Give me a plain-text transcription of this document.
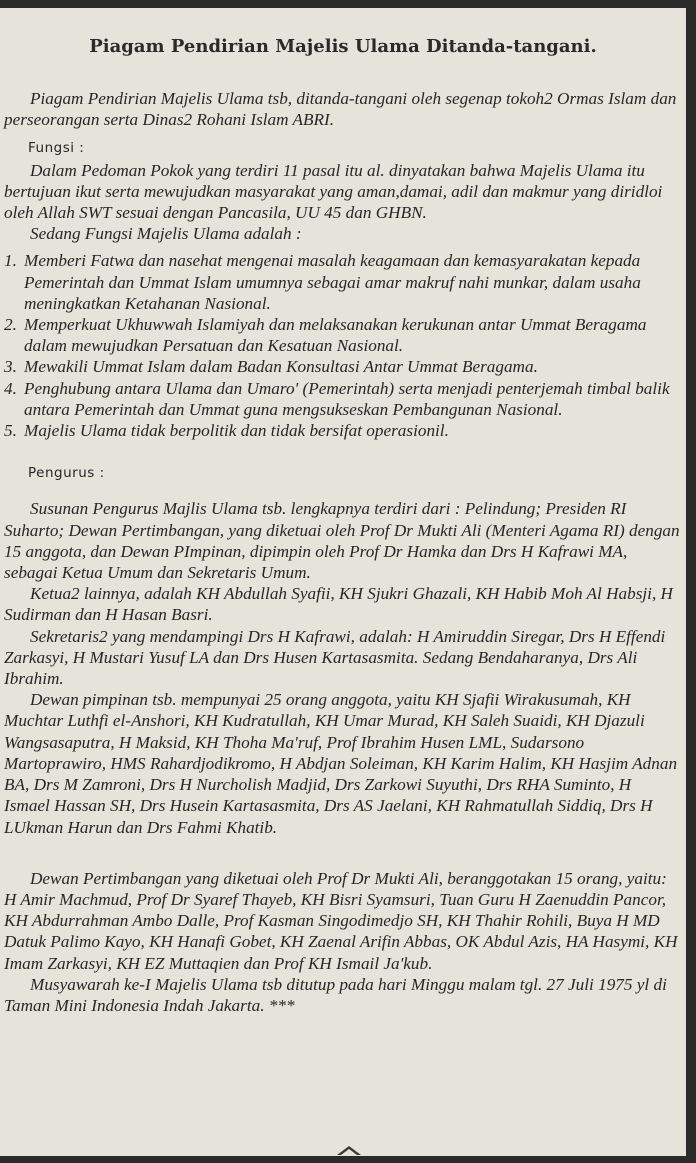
Piagam Pendirian Majelis Ulama Ditanda-tangani.

Piagam Pendirian Majelis Ulama tsb, ditanda-tangani oleh segenap tokoh2 Ormas Islam dan perseorangan serta Dinas2 Rohani Islam ABRI.

Fungsi :

Dalam Pedoman Pokok yang terdiri 11 pasal itu al. dinyatakan bahwa Majelis Ulama itu bertujuan ikut serta mewujudkan masyarakat yang aman,damai, adil dan makmur yang diridloi oleh Allah SWT sesuai dengan Pancasila, UU 45 dan GHBN.

Sedang Fungsi Majelis Ulama adalah :

1. Memberi Fatwa dan nasehat mengenai masalah keagamaan dan kemasyarakatan kepada Pemerintah dan Ummat Islam umumnya sebagai amar makruf nahi munkar, dalam usaha meningkatkan Ketahanan Nasional.
2. Memperkuat Ukhuwwah Islamiyah dan melaksanakan kerukunan antar Ummat Beragama dalam mewujudkan Persatuan dan Kesatuan Nasional.
3. Mewakili Ummat Islam dalam Badan Konsultasi Antar Ummat Beragama.
4. Penghubung antara Ulama dan Umaro' (Pemerintah) serta menjadi penterjemah timbal balik antara Pemerintah dan Ummat guna mengsukseskan Pembangunan Nasional.
5. Majelis Ulama tidak berpolitik dan tidak bersifat operasionil.
Pengurus :

Susunan Pengurus Majlis Ulama tsb. lengkapnya terdiri dari : Pelindung; Presiden RI Suharto; Dewan Pertimbangan, yang diketuai oleh Prof Dr Mukti Ali (Menteri Agama RI) dengan 15 anggota, dan Dewan PImpinan, dipimpin oleh Prof Dr Hamka dan Drs H Kafrawi MA, sebagai Ketua Umum dan Sekretaris Umum.

Ketua2 lainnya, adalah KH Abdullah Syafii, KH Sjukri Ghazali, KH Habib Moh Al Habsji, H Sudirman dan H Hasan Basri.

Sekretaris2 yang mendampingi Drs H Kafrawi, adalah: H Amiruddin Siregar, Drs H Effendi Zarkasyi, H Mustari Yusuf LA dan Drs Husen Kartasasmita. Sedang Bendaharanya, Drs Ali Ibrahim.

Dewan pimpinan tsb. mempunyai 25 orang anggota, yaitu KH Sjafii Wirakusumah, KH Muchtar Luthfi el-Anshori, KH Kudratullah, KH Umar Murad, KH Saleh Suaidi, KH Djazuli Wangsasaputra, H Maksid, KH Thoha Ma'ruf, Prof Ibrahim Husen LML, Sudarsono Martoprawiro, HMS Rahardjodikromo, H Abdjan Soleiman, KH Karim Halim, KH Hasjim Adnan BA, Drs M Zamroni, Drs H Nurcholish Madjid, Drs Zarkowi Suyuthi, Drs RHA Suminto, H Ismael Hassan SH, Drs Husein Kartasasmita, Drs AS Jaelani, KH Rahmatullah Siddiq, Drs H LUkman Harun dan Drs Fahmi Khatib.

Dewan Pertimbangan yang diketuai oleh Prof Dr Mukti Ali, beranggotakan 15 orang, yaitu: H Amir Machmud, Prof Dr Syaref Thayeb, KH Bisri Syamsuri, Tuan Guru H Zaenuddin Pancor, KH Abdurrahman Ambo Dalle, Prof Kasman Singodimedjo SH, KH Thahir Rohili, Buya H MD Datuk Palimo Kayo, KH Hanafi Gobet, KH Zaenal Arifin Abbas, OK Abdul Azis, HA Hasymi, KH Imam Zarkasyi, KH EZ Muttaqien dan Prof KH Ismail Ja'kub.

Musyawarah ke-I Majelis Ulama tsb ditutup pada hari Minggu malam tgl. 27 Juli 1975 yl di Taman Mini Indonesia Indah Jakarta. ***
